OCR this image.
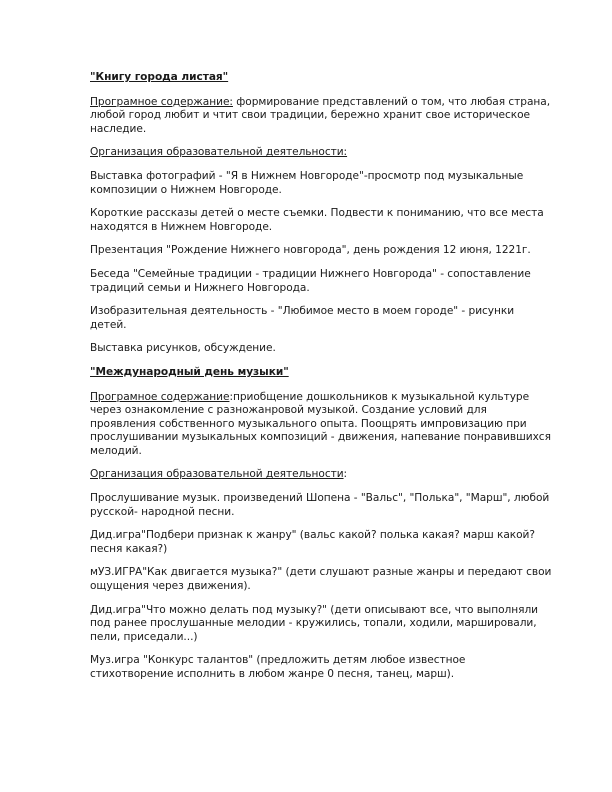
"Книгу города листая"

Програмное содержание: формирование представлений о том, что любая страна, любой город любит и чтит свои традиции, бережно хранит свое историческое наследие.

Организация образовательной деятельности:

Выставка фотографий - "Я в Нижнем Новгороде"-просмотр под музыкальные композиции о Нижнем Новгороде.

Короткие рассказы детей о месте съемки. Подвести к пониманию, что все места находятся в Нижнем Новгороде.

Презентация "Рождение Нижнего новгорода", день рождения 12 июня, 1221г.

Беседа "Семейные традиции - традиции Нижнего Новгорода" - сопоставление традиций семьи и Нижнего Новгорода.

Изобразительная деятельность - "Любимое место в моем городе" - рисунки детей.

Выставка рисунков, обсуждение.

"Международный день музыки"

Програмное содержание:приобщение дошкольников к музыкальной культуре через ознакомление с разножанровой музыкой. Создание условий для проявления собственного музыкального опыта. Поощрять импровизацию при прослушивании музыкальных композиций - движения, напевание понравившихся мелодий.

Организация образовательной деятельности:

Прослушивание музык. произведений Шопена - "Вальс", "Полька", "Марш", любой русской- народной песни.

Дид.игра"Подбери признак к жанру" (вальс какой? полька какая? марш какой? песня какая?)

мУЗ.ИГРА"Как двигается музыка?" (дети слушают разные жанры и передают свои ощущения через движения).

Дид.игра"Что можно делать под музыку?" (дети описывают все, что выполняли под ранее прослушанные мелодии - кружились, топали, ходили, маршировали, пели, приседали...)

Муз.игра "Конкурс талантов" (предложить детям любое известное стихотворение исполнить в любом жанре 0 песня, танец, марш).
